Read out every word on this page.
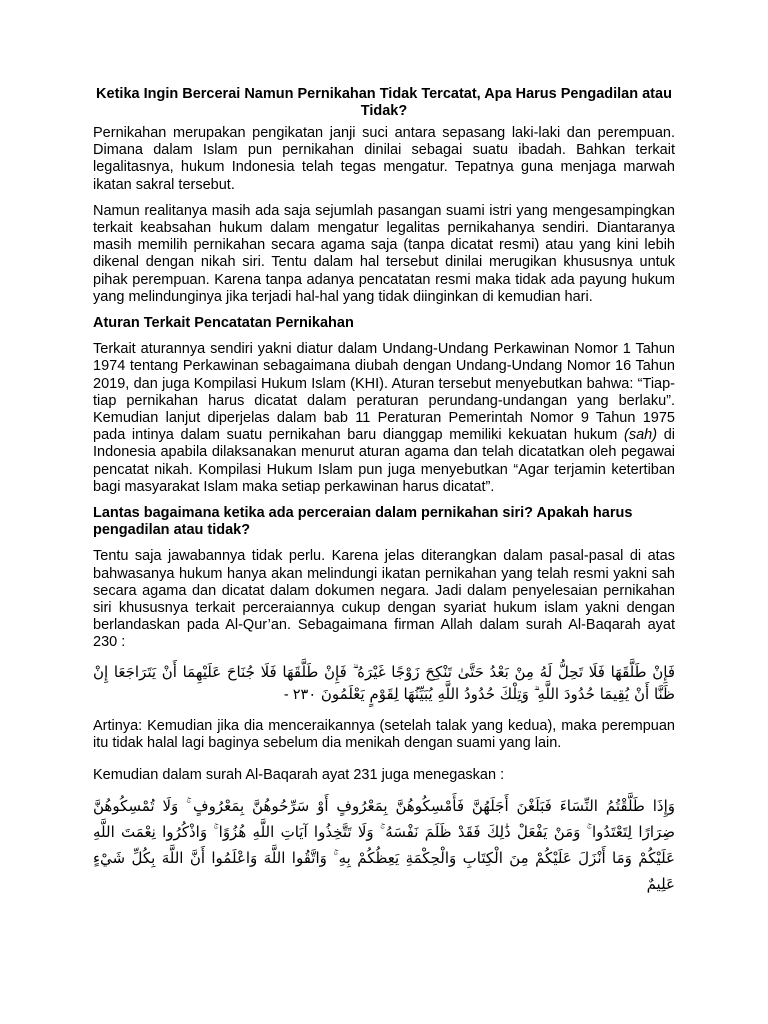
Ketika Ingin Bercerai Namun Pernikahan Tidak Tercatat, Apa Harus Pengadilan atau Tidak?

Pernikahan merupakan pengikatan janji suci antara sepasang laki-laki dan perempuan. Dimana dalam Islam pun pernikahan dinilai sebagai suatu ibadah. Bahkan terkait legalitasnya, hukum Indonesia telah tegas mengatur. Tepatnya guna menjaga marwah ikatan sakral tersebut.

Namun realitanya masih ada saja sejumlah pasangan suami istri yang mengesampingkan terkait keabsahan hukum dalam mengatur legalitas pernikahanya sendiri. Diantaranya masih memilih pernikahan secara agama saja (tanpa dicatat resmi) atau yang kini lebih dikenal dengan nikah siri. Tentu dalam hal tersebut dinilai merugikan khususnya untuk pihak perempuan. Karena tanpa adanya pencatatan resmi maka tidak ada payung hukum yang melindunginya jika terjadi hal-hal yang tidak diinginkan di kemudian hari.

Aturan Terkait Pencatatan Pernikahan

Terkait aturannya sendiri yakni diatur dalam Undang-Undang Perkawinan Nomor 1 Tahun 1974 tentang Perkawinan sebagaimana diubah dengan Undang-Undang Nomor 16 Tahun 2019, dan juga Kompilasi Hukum Islam (KHI). Aturan tersebut menyebutkan bahwa: “Tiap-tiap pernikahan harus dicatat dalam peraturan perundang-undangan yang berlaku”. Kemudian lanjut diperjelas dalam bab 11 Peraturan Pemerintah Nomor 9 Tahun 1975 pada intinya dalam suatu pernikahan baru dianggap memiliki kekuatan hukum (sah) di Indonesia apabila dilaksanakan menurut aturan agama dan telah dicatatkan oleh pegawai pencatat nikah. Kompilasi Hukum Islam pun juga menyebutkan “Agar terjamin ketertiban bagi masyarakat Islam maka setiap perkawinan harus dicatat”.

Lantas bagaimana ketika ada perceraian dalam pernikahan siri? Apakah harus pengadilan atau tidak?

Tentu saja jawabannya tidak perlu. Karena jelas diterangkan dalam pasal-pasal di atas bahwasanya hukum hanya akan melindungi ikatan pernikahan yang telah resmi yakni sah secara agama dan dicatat dalam dokumen negara. Jadi dalam penyelesaian pernikahan siri khususnya terkait perceraiannya cukup dengan syariat hukum islam yakni dengan berlandaskan pada Al-Qur’an. Sebagaimana firman Allah dalam surah Al-Baqarah ayat 230 :

فَإِنْ طَلَّقَهَا فَلَا تَحِلُّ لَهُ مِنْ بَعْدُ حَتَّىٰ تَنْكِحَ زَوْجًا غَيْرَهُ ۗ فَإِنْ طَلَّقَهَا فَلَا جُنَاحَ عَلَيْهِمَا أَنْ يَتَرَاجَعَا إِنْ ظَنَّا أَنْ يُقِيمَا حُدُودَ اللَّهِ ۗ وَتِلْكَ حُدُودُ اللَّهِ يُبَيِّنُهَا لِقَوْمٍ يَعْلَمُونَ - ٢٣٠

Artinya: Kemudian jika dia menceraikannya (setelah talak yang kedua), maka perempuan itu tidak halal lagi baginya sebelum dia menikah dengan suami yang lain.

Kemudian dalam surah Al-Baqarah ayat 231 juga menegaskan :

وَإِذَا طَلَّقْتُمُ النِّسَاءَ فَبَلَغْنَ أَجَلَهُنَّ فَأَمْسِكُوهُنَّ بِمَعْرُوفٍ أَوْ سَرِّحُوهُنَّ بِمَعْرُوفٍ ۚ وَلَا تُمْسِكُوهُنَّ ضِرَارًا لِتَعْتَدُوا ۚ وَمَنْ يَفْعَلْ ذَٰلِكَ فَقَدْ ظَلَمَ نَفْسَهُ ۚ وَلَا تَتَّخِذُوا آيَاتِ اللَّهِ هُزُوًا ۚ وَاذْكُرُوا نِعْمَتَ اللَّهِ عَلَيْكُمْ وَمَا أَنْزَلَ عَلَيْكُمْ مِنَ الْكِتَابِ وَالْحِكْمَةِ يَعِظُكُمْ بِهِ ۚ وَاتَّقُوا اللَّهَ وَاعْلَمُوا أَنَّ اللَّهَ بِكُلِّ شَيْءٍ عَلِيمٌ
